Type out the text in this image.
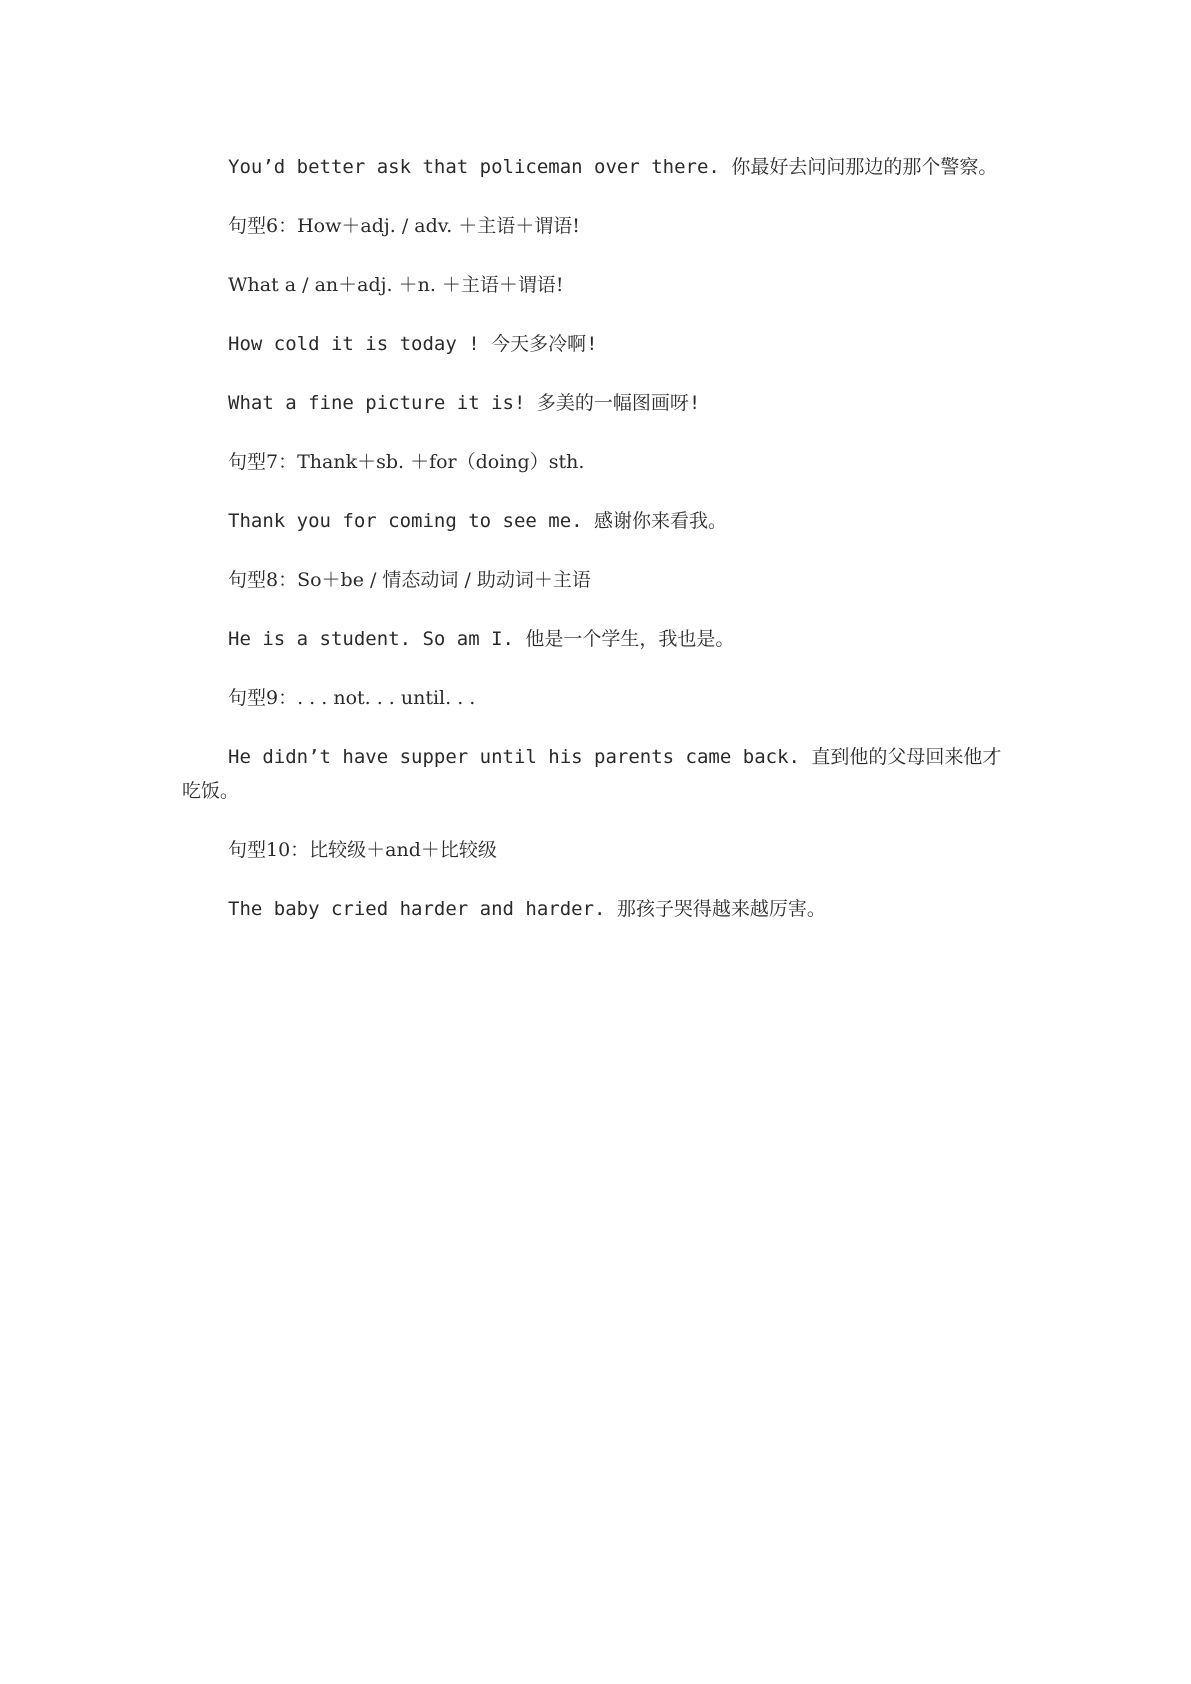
You’d better ask that policeman over there. 你最好去问问那边的那个警察。

句型6：How＋adj. / adv. ＋主语＋谓语!

What a / an＋adj. ＋n. ＋主语＋谓语!

How cold it is today ! 今天多冷啊!

What a fine picture it is! 多美的一幅图画呀!

句型7：Thank＋sb. ＋for（doing）sth.

Thank you for coming to see me. 感谢你来看我。

句型8：So＋be / 情态动词 / 助动词＋主语

He is a student. So am I. 他是一个学生，我也是。

句型9：. . . not. . . until. . .

He didn’t have supper until his parents came back. 直到他的父母回来他才吃饭。

句型10：比较级＋and＋比较级

The baby cried harder and harder. 那孩子哭得越来越厉害。
